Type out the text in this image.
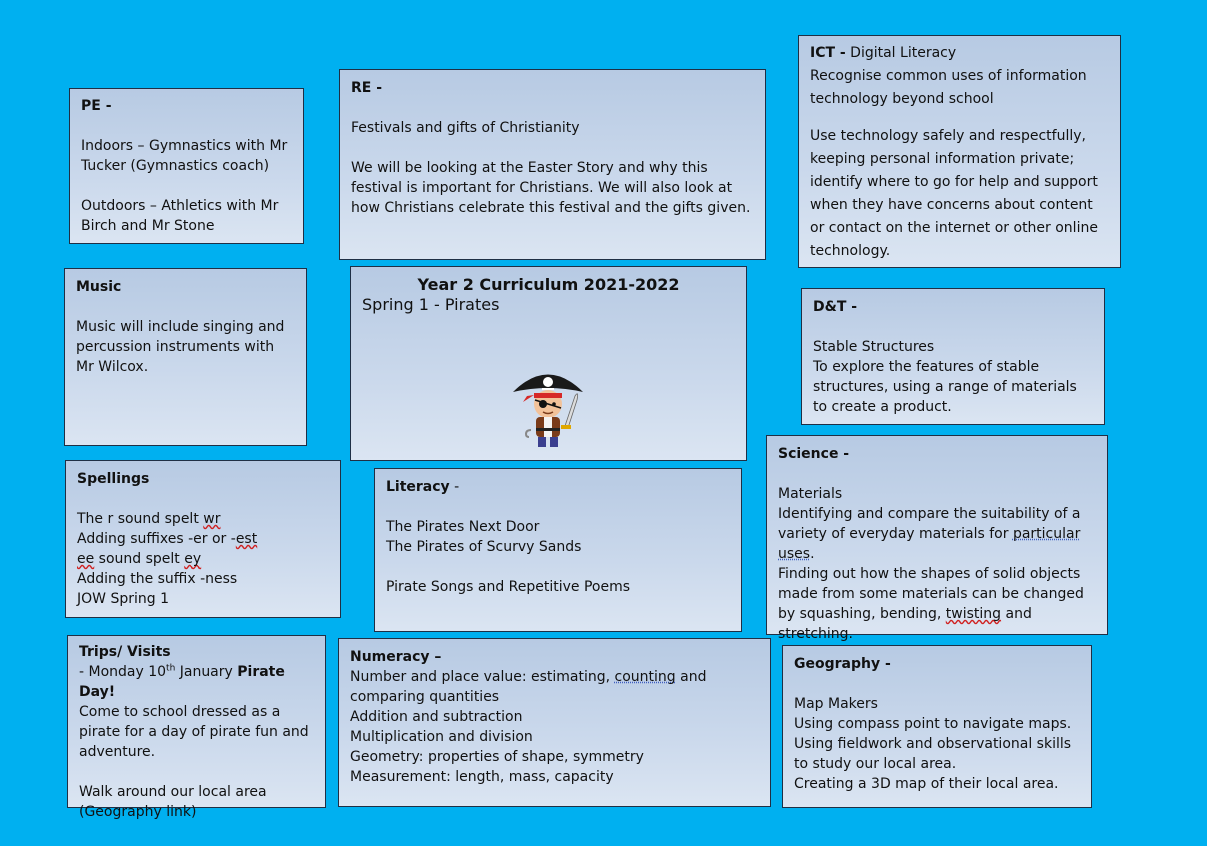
PE -

Indoors – Gymnastics with Mr Tucker (Gymnastics coach)

Outdoors – Athletics with Mr Birch and Mr Stone

RE -

Festivals and gifts of Christianity

We will be looking at the Easter Story and why this festival is important for Christians. We will also look at how Christians celebrate this festival and the gifts given.

ICT - Digital Literacy

Recognise common uses of information technology beyond school

Use technology safely and respectfully, keeping personal information private; identify where to go for help and support when they have concerns about content or contact on the internet or other online technology.

Music

Music will include singing and percussion instruments with Mr Wilcox.

Year 2 Curriculum 2021-2022

Spring 1 - Pirates	D&T -

Stable Structures

To explore the features of stable structures, using a range of materials to create a product.

Spellings

The r sound spelt wr

Adding suffixes -er or -est

ee sound spelt ey

Adding the suffix -ness

JOW Spring 1

Literacy -

The Pirates Next Door

The Pirates of Scurvy Sands

Pirate Songs and Repetitive Poems

Science -

Materials

Identifying and compare the suitability of a variety of everyday materials for particular uses.

Finding out how the shapes of solid objects made from some materials can be changed by squashing, bending, twisting and stretching.

Trips/ Visits

- Monday 10th January Pirate Day!

Come to school dressed as a pirate for a day of pirate fun and adventure.

Walk around our local area (Geography link)

Numeracy –

Number and place value: estimating, counting and comparing quantities

Addition and subtraction

Multiplication and division

Geometry: properties of shape, symmetry

Measurement: length, mass, capacity

Geography -

Map Makers

Using compass point to navigate maps.

Using fieldwork and observational skills to study our local area.

Creating a 3D map of their local area.
